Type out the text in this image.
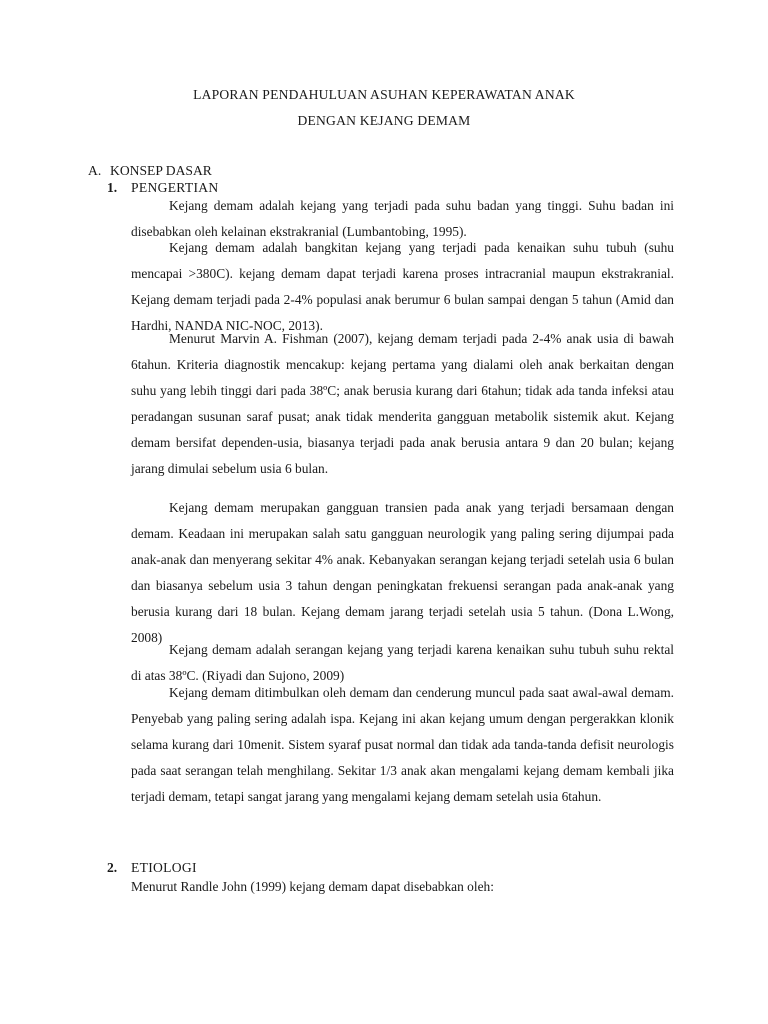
LAPORAN PENDAHULUAN ASUHAN KEPERAWATAN ANAK
DENGAN KEJANG DEMAM
A. KONSEP DASAR
1. PENGERTIAN

Kejang demam adalah kejang yang terjadi pada suhu badan yang tinggi. Suhu badan ini disebabkan oleh kelainan ekstrakranial (Lumbantobing, 1995).

Kejang demam adalah bangkitan kejang yang terjadi pada kenaikan suhu tubuh (suhu mencapai >380C). kejang demam dapat terjadi karena proses intracranial maupun ekstrakranial. Kejang demam terjadi pada 2-4% populasi anak berumur 6 bulan sampai dengan 5 tahun (Amid dan Hardhi, NANDA NIC-NOC, 2013).

Menurut Marvin A. Fishman (2007), kejang demam terjadi pada 2-4% anak usia di bawah 6tahun. Kriteria diagnostik mencakup: kejang pertama yang dialami oleh anak berkaitan dengan suhu yang lebih tinggi dari pada 38ºC; anak berusia kurang dari 6tahun; tidak ada tanda infeksi atau peradangan susunan saraf pusat; anak tidak menderita gangguan metabolik sistemik akut. Kejang demam bersifat dependen-usia, biasanya terjadi pada anak berusia antara 9 dan 20 bulan; kejang jarang dimulai sebelum usia 6 bulan.

Kejang demam merupakan gangguan transien pada anak yang terjadi bersamaan dengan demam. Keadaan ini merupakan salah satu gangguan neurologik yang paling sering dijumpai pada anak-anak dan menyerang sekitar 4% anak. Kebanyakan serangan kejang terjadi setelah usia 6 bulan dan biasanya sebelum usia 3 tahun dengan peningkatan frekuensi serangan pada anak-anak yang berusia kurang dari 18 bulan. Kejang demam jarang terjadi setelah usia 5 tahun. (Dona L.Wong, 2008)

Kejang demam adalah serangan kejang yang terjadi karena kenaikan suhu tubuh suhu rektal di atas 38ºC. (Riyadi dan Sujono, 2009)

Kejang demam ditimbulkan oleh demam dan cenderung muncul pada saat awal-awal demam. Penyebab yang paling sering adalah ispa. Kejang ini akan kejang umum dengan pergerakkan klonik selama kurang dari 10menit. Sistem syaraf pusat normal dan tidak ada tanda-tanda defisit neurologis pada saat serangan telah menghilang. Sekitar 1/3 anak akan mengalami kejang demam kembali jika terjadi demam, tetapi sangat jarang yang mengalami kejang demam setelah usia 6tahun.

2. ETIOLOGI

Menurut Randle John (1999) kejang demam dapat disebabkan oleh:
